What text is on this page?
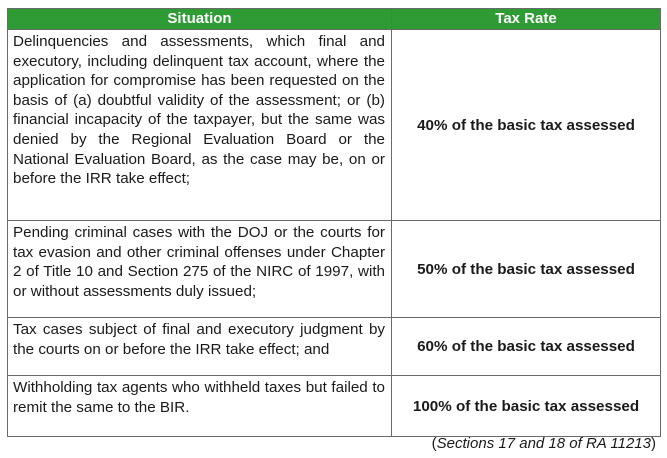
Situation	Tax Rate

Delinquencies and assessments, which final and executory, including delinquent tax account, where the application for compromise has been requested on the basis of (a) doubtful validity of the assessment; or (b) financial incapacity of the taxpayer, but the same was denied by the Regional Evaluation Board or the National Evaluation Board, as the case may be, on or before the IRR take effect;	40% of the basic tax assessed

Pending criminal cases with the DOJ or the courts for tax evasion and other criminal offenses under Chapter 2 of Title 10 and Section 275 of the NIRC of 1997, with or without assessments duly issued;	50% of the basic tax assessed

Tax cases subject of final and executory judgment by the courts on or before the IRR take effect; and	60% of the basic tax assessed

Withholding tax agents who withheld taxes but failed to remit the same to the BIR.	100% of the basic tax assessed
(Sections 17 and 18 of RA 11213)
